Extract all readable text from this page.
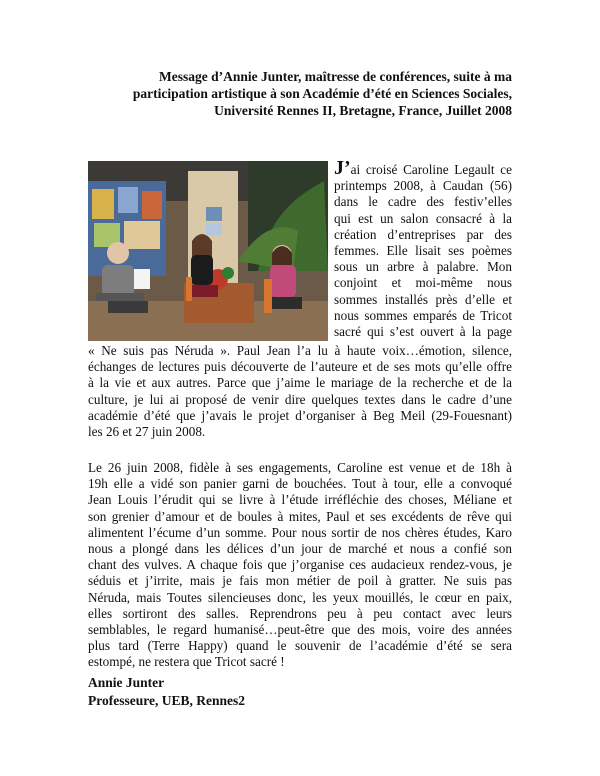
Message d’Annie Junter, maîtresse de conférences, suite à ma
participation artistique à son Académie d’été en Sciences Sociales,
Université Rennes II, Bretagne, France, Juillet 2008
J’ai croisé Caroline Legault ce
printemps 2008, à Caudan (56)
dans le cadre des festiv’elles
qui est un salon consacré à la
création d’entreprises par des
femmes. Elle lisait ses poèmes
sous un arbre à palabre. Mon
conjoint et moi-même nous
sommes installés près d’elle et
nous sommes emparés de Tricot
sacré qui s’est ouvert à la page
« Ne suis pas Néruda ». Paul Jean l’a lu à haute voix…émotion, silence,
échanges de lectures puis découverte de l’auteure et de ses mots qu’elle offre
à la vie et aux autres. Parce que j’aime le mariage de la recherche et de la
culture, je lui ai proposé de venir dire quelques textes dans le cadre d’une
académie d’été que j’avais le projet d’organiser à Beg Meil (29-Fouesnant)
les 26 et 27 juin 2008.
Le 26 juin 2008, fidèle à ses engagements, Caroline est venue et de 18h à
19h elle a vidé son panier garni de bouchées. Tout à tour, elle a convoqué
Jean Louis l’érudit qui se livre à l’étude irréfléchie des choses, Méliane et
son grenier d’amour et de boules à mites, Paul et ses excédents de rêve qui
alimentent l’écume d’un somme. Pour nous sortir de nos chères études, Karo
nous a plongé dans les délices d’un jour de marché et nous a confié son
chant des vulves. A chaque fois que j’organise ces audacieux rendez-vous, je
séduis et j’irrite, mais je fais mon métier de poil à gratter. Ne suis pas
Néruda, mais Toutes silencieuses donc, les yeux mouillés, le cœur en paix,
elles sortiront des salles. Reprendrons peu à peu contact avec leurs
semblables, le regard humanisé…peut-être que des mois, voire des années
plus tard (Terre Happy) quand le souvenir de l’académie d’été se sera
estompé, ne restera que Tricot sacré !
Annie Junter
Professeure, UEB, Rennes2
